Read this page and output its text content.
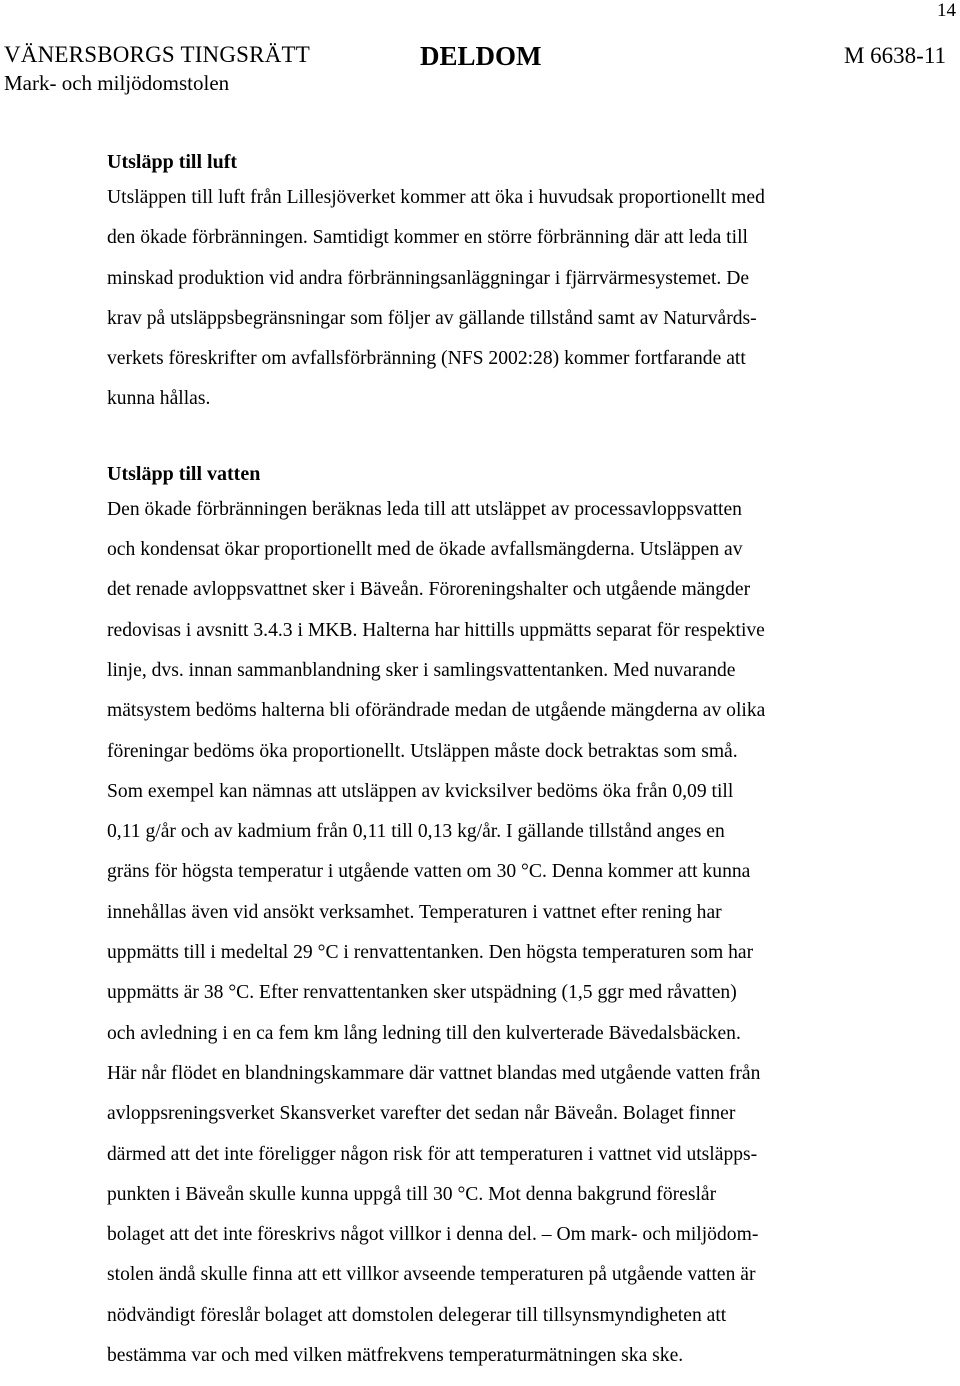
14
VÄNERSBORGS TINGSRÄTT
Mark- och miljödomstolen
DELDOM	M 6638-11
Utsläpp till luft

Utsläppen till luft från Lillesjöverket kommer att öka i huvudsak proportionellt med
den ökade förbränningen. Samtidigt kommer en större förbränning där att leda till
minskad produktion vid andra förbränningsanläggningar i fjärrvärmesystemet. De
krav på utsläppsbegränsningar som följer av gällande tillstånd samt av Naturvårds-
verkets föreskrifter om avfallsförbränning (NFS 2002:28) kommer fortfarande att
kunna hållas.

Utsläpp till vatten

Den ökade förbränningen beräknas leda till att utsläppet av processavloppsvatten
och kondensat ökar proportionellt med de ökade avfallsmängderna. Utsläppen av
det renade avloppsvattnet sker i Bäveån. Föroreningshalter och utgående mängder
redovisas i avsnitt 3.4.3 i MKB. Halterna har hittills uppmätts separat för respektive
linje, dvs. innan sammanblandning sker i samlingsvattentanken. Med nuvarande
mätsystem bedöms halterna bli oförändrade medan de utgående mängderna av olika
föreningar bedöms öka proportionellt. Utsläppen måste dock betraktas som små.
Som exempel kan nämnas att utsläppen av kvicksilver bedöms öka från 0,09 till
0,11 g/år och av kadmium från 0,11 till 0,13 kg/år. I gällande tillstånd anges en
gräns för högsta temperatur i utgående vatten om 30 °C. Denna kommer att kunna
innehållas även vid ansökt verksamhet. Temperaturen i vattnet efter rening har
uppmätts till i medeltal 29 °C i renvattentanken. Den högsta temperaturen som har
uppmätts är 38 °C. Efter renvattentanken sker utspädning (1,5 ggr med råvatten)
och avledning i en ca fem km lång ledning till den kulverterade Bävedalsbäcken.
Här når flödet en blandningskammare där vattnet blandas med utgående vatten från
avloppsreningsverket Skansverket varefter det sedan når Bäveån. Bolaget finner
därmed att det inte föreligger någon risk för att temperaturen i vattnet vid utsläpps-
punkten i Bäveån skulle kunna uppgå till 30 °C. Mot denna bakgrund föreslår
bolaget att det inte föreskrivs något villkor i denna del. – Om mark- och miljödom-
stolen ändå skulle finna att ett villkor avseende temperaturen på utgående vatten är
nödvändigt föreslår bolaget att domstolen delegerar till tillsynsmyndigheten att
bestämma var och med vilken mätfrekvens temperaturmätningen ska ske.
